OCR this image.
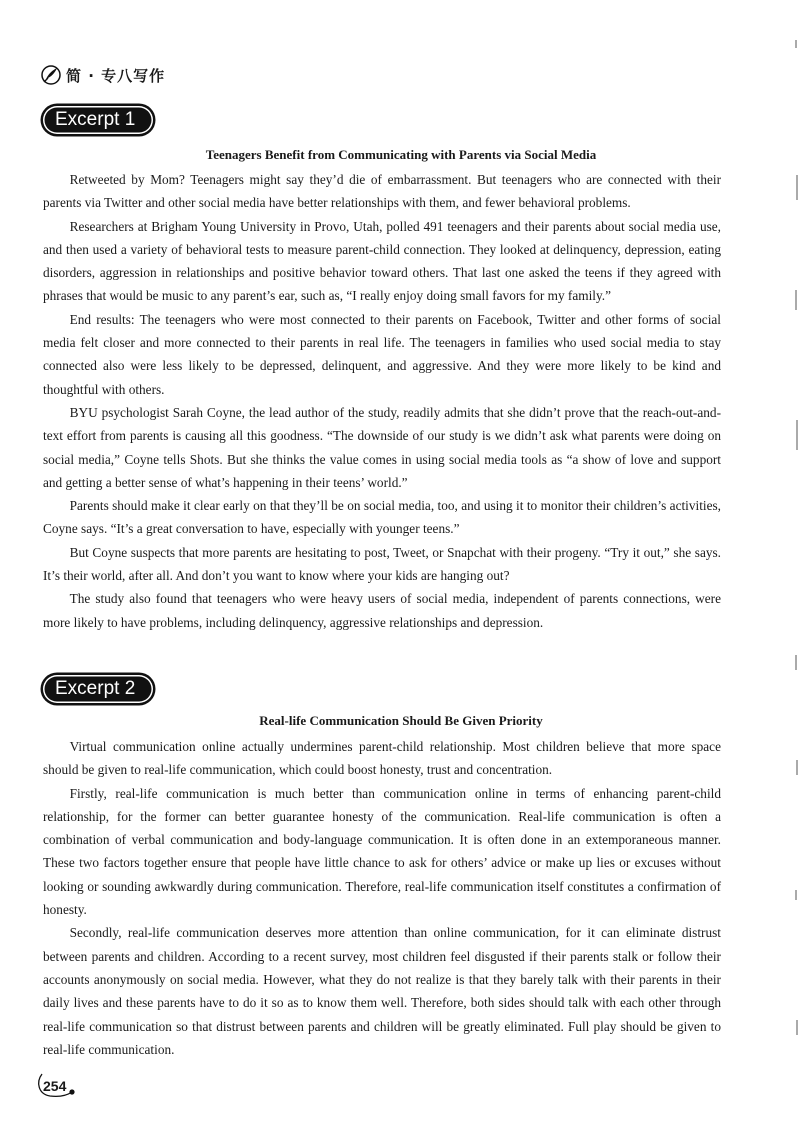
简 · 专八写作
Excerpt 1
Teenagers Benefit from Communicating with Parents via Social Media

Retweeted by Mom? Teenagers might say they’d die of embarrassment. But teenagers who are connected with their parents via Twitter and other social media have better relationships with them, and fewer behavioral problems.

Researchers at Brigham Young University in Provo, Utah, polled 491 teenagers and their parents about social media use, and then used a variety of behavioral tests to measure parent-child connection. They looked at delinquency, depression, eating disorders, aggression in relationships and positive behavior toward others. That last one asked the teens if they agreed with phrases that would be music to any parent’s ear, such as, “I really enjoy doing small favors for my family.”

End results: The teenagers who were most connected to their parents on Facebook, Twitter and other forms of social media felt closer and more connected to their parents in real life. The teenagers in families who used social media to stay connected also were less likely to be depressed, delinquent, and aggressive. And they were more likely to be kind and thoughtful with others.

BYU psychologist Sarah Coyne, the lead author of the study, readily admits that she didn’t prove that the reach-out-and-text effort from parents is causing all this goodness. “The downside of our study is we didn’t ask what parents were doing on social media,” Coyne tells Shots. But she thinks the value comes in using social media tools as “a show of love and support and getting a better sense of what’s happening in their teens’ world.”

Parents should make it clear early on that they’ll be on social media, too, and using it to monitor their children’s activities, Coyne says. “It’s a great conversation to have, especially with younger teens.”

But Coyne suspects that more parents are hesitating to post, Tweet, or Snapchat with their progeny. “Try it out,” she says. It’s their world, after all. And don’t you want to know where your kids are hanging out?

The study also found that teenagers who were heavy users of social media, independent of parents connections, were more likely to have problems, including delinquency, aggressive relationships and depression.

Excerpt 2
Real-life Communication Should Be Given Priority

Virtual communication online actually undermines parent-child relationship. Most children believe that more space should be given to real-life communication, which could boost honesty, trust and concentration.

Firstly, real-life communication is much better than communication online in terms of enhancing parent-child relationship, for the former can better guarantee honesty of the communication. Real-life communication is often a combination of verbal communication and body-language communication. It is often done in an extemporaneous manner. These two factors together ensure that people have little chance to ask for others’ advice or make up lies or excuses without looking or sounding awkwardly during communication. Therefore, real-life communication itself constitutes a confirmation of honesty.

Secondly, real-life communication deserves more attention than online communication, for it can eliminate distrust between parents and children. According to a recent survey, most children feel disgusted if their parents stalk or follow their accounts anonymously on social media. However, what they do not realize is that they barely talk with their parents in their daily lives and these parents have to do it so as to know them well. Therefore, both sides should talk with each other through real-life communication so that distrust between parents and children will be greatly eliminated. Full play should be given to real-life communication.

254
